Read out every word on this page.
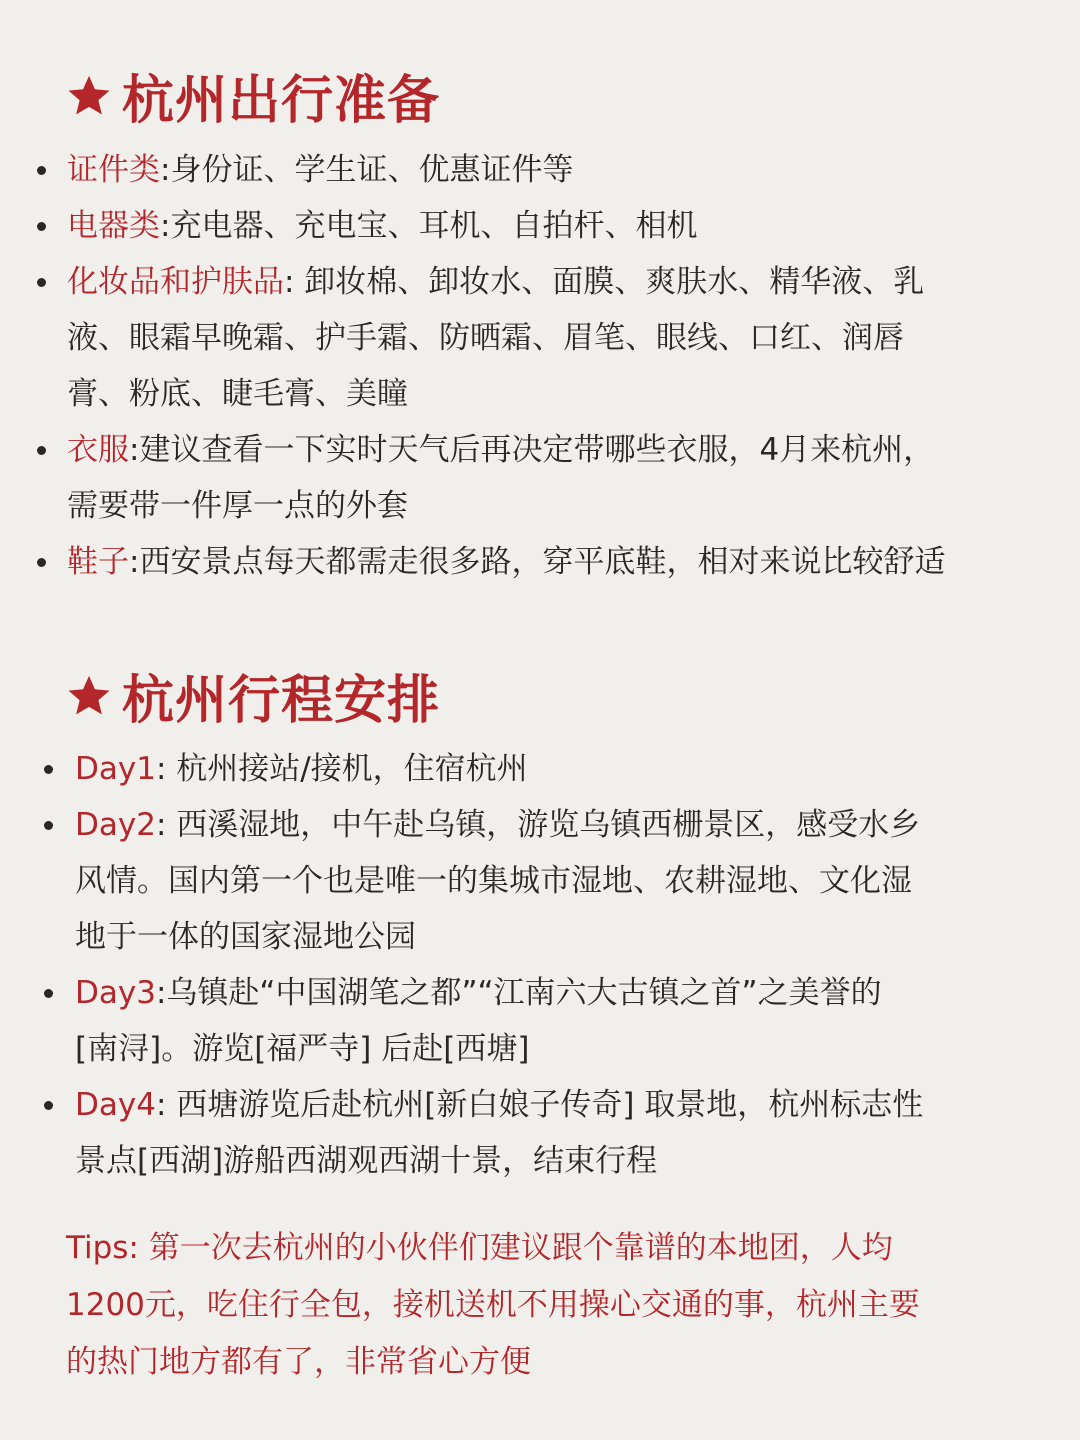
杭州出行准备
证件类:身份证、学生证、优惠证件等
电器类:充电器、充电宝、耳机、自拍杆、相机
化妆品和护肤品: 卸妆棉、卸妆水、面膜、爽肤水、精华液、乳
液、眼霜早晚霜、护手霜、防晒霜、眉笔、眼线、口红、润唇
膏、粉底、睫毛膏、美瞳
衣服:建议查看一下实时天气后再决定带哪些衣服，4月来杭州，
需要带一件厚一点的外套
鞋子:西安景点每天都需走很多路，穿平底鞋，相对来说比较舒适
杭州行程安排
Day1: 杭州接站/接机，住宿杭州
Day2: 西溪湿地，中午赴乌镇，游览乌镇西栅景区，感受水乡
风情。国内第一个也是唯一的集城市湿地、农耕湿地、文化湿
地于一体的国家湿地公园
Day3:乌镇赴“中国湖笔之都”“江南六大古镇之首”之美誉的
[南浔]。游览[福严寺] 后赴[西塘]
Day4: 西塘游览后赴杭州[新白娘子传奇] 取景地，杭州标志性
景点[西湖]游船西湖观西湖十景，结束行程
Tips: 第一次去杭州的小伙伴们建议跟个靠谱的本地团，人均
1200元，吃住行全包，接机送机不用操心交通的事，杭州主要
的热门地方都有了，非常省心方便
